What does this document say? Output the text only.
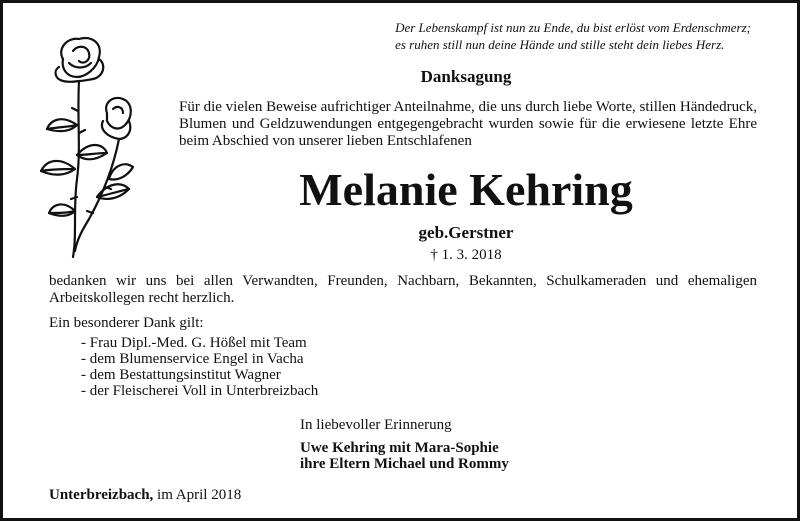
Der Lebenskampf ist nun zu Ende, du bist erlöst vom Erdenschmerz;
es ruhen still nun deine Hände und stille steht dein liebes Herz.
Danksagung
Für die vielen Beweise aufrichtiger Anteilnahme, die uns durch liebe Worte, stillen Händedruck, Blumen und Geldzuwendungen entgegengebracht wurden sowie für die erwiesene letzte Ehre beim Abschied von unserer lieben Entschlafenen
Melanie Kehring
geb.Gerstner
† 1. 3. 2018
bedanken wir uns bei allen Verwandten, Freunden, Nachbarn, Bekannten, Schulkameraden und ehemaligen Arbeitskollegen recht herzlich.
Ein besonderer Dank gilt:
- Frau Dipl.-Med. G. Hößel mit Team
- dem Blumenservice Engel in Vacha
- dem Bestattungsinstitut Wagner
- der Fleischerei Voll in Unterbreizbach
In liebevoller Erinnerung
Uwe Kehring mit Mara-Sophie
ihre Eltern Michael und Rommy
Unterbreizbach, im April 2018
